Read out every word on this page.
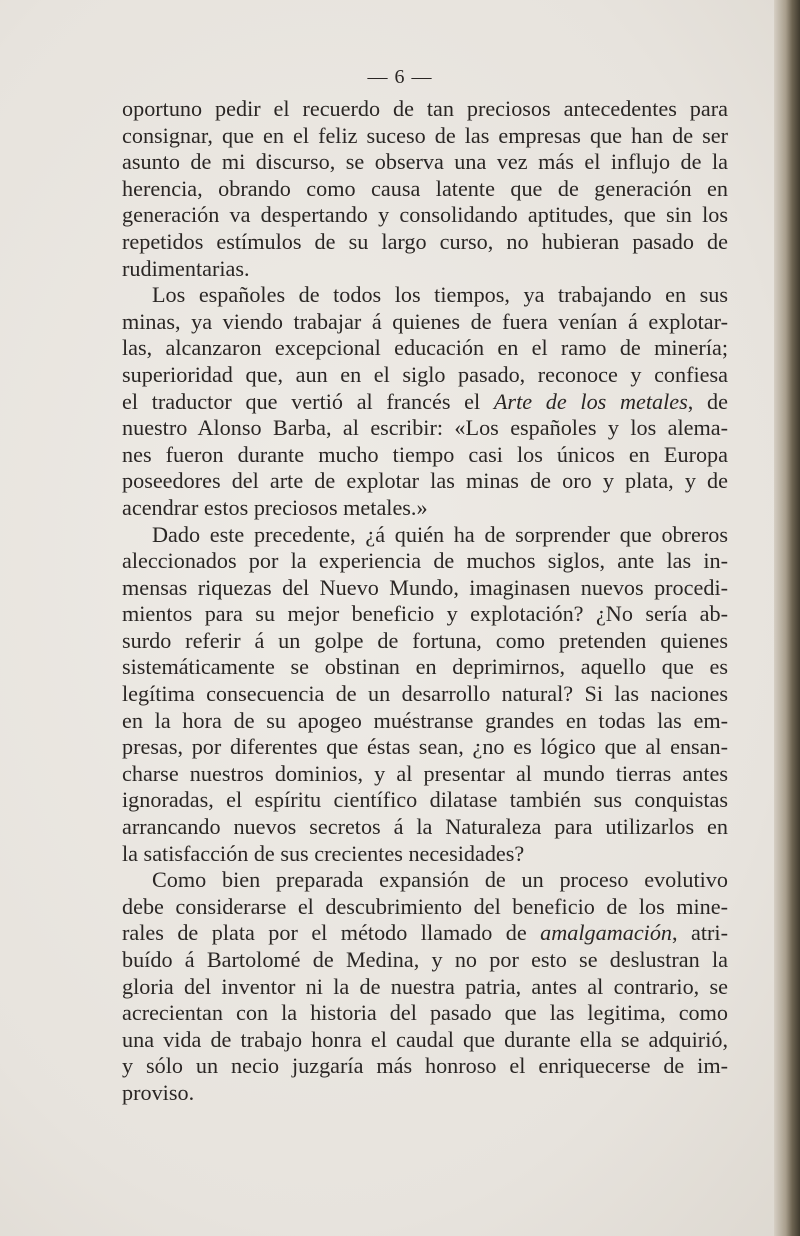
— 6 —
oportuno pedir el recuerdo de tan preciosos antecedentes para
consignar, que en el feliz suceso de las empresas que han de ser
asunto de mi discurso, se observa una vez más el influjo de la
herencia, obrando como causa latente que de generación en
generación va despertando y consolidando aptitudes, que sin los
repetidos estímulos de su largo curso, no hubieran pasado de
rudimentarias.
Los españoles de todos los tiempos, ya trabajando en sus
minas, ya viendo trabajar á quienes de fuera venían á explotar-
las, alcanzaron excepcional educación en el ramo de minería;
superioridad que, aun en el siglo pasado, reconoce y confiesa
el traductor que vertió al francés el Arte de los metales, de
nuestro Alonso Barba, al escribir: «Los españoles y los alema-
nes fueron durante mucho tiempo casi los únicos en Europa
poseedores del arte de explotar las minas de oro y plata, y de
acendrar estos preciosos metales.»
Dado este precedente, ¿á quién ha de sorprender que obreros
aleccionados por la experiencia de muchos siglos, ante las in-
mensas riquezas del Nuevo Mundo, imaginasen nuevos procedi-
mientos para su mejor beneficio y explotación? ¿No sería ab-
surdo referir á un golpe de fortuna, como pretenden quienes
sistemáticamente se obstinan en deprimirnos, aquello que es
legítima consecuencia de un desarrollo natural? Si las naciones
en la hora de su apogeo muéstranse grandes en todas las em-
presas, por diferentes que éstas sean, ¿no es lógico que al ensan-
charse nuestros dominios, y al presentar al mundo tierras antes
ignoradas, el espíritu científico dilatase también sus conquistas
arrancando nuevos secretos á la Naturaleza para utilizarlos en
la satisfacción de sus crecientes necesidades?
Como bien preparada expansión de un proceso evolutivo
debe considerarse el descubrimiento del beneficio de los mine-
rales de plata por el método llamado de amalgamación, atri-
buído á Bartolomé de Medina, y no por esto se deslustran la
gloria del inventor ni la de nuestra patria, antes al contrario, se
acrecientan con la historia del pasado que las legitima, como
una vida de trabajo honra el caudal que durante ella se adquirió,
y sólo un necio juzgaría más honroso el enriquecerse de im-
proviso.
